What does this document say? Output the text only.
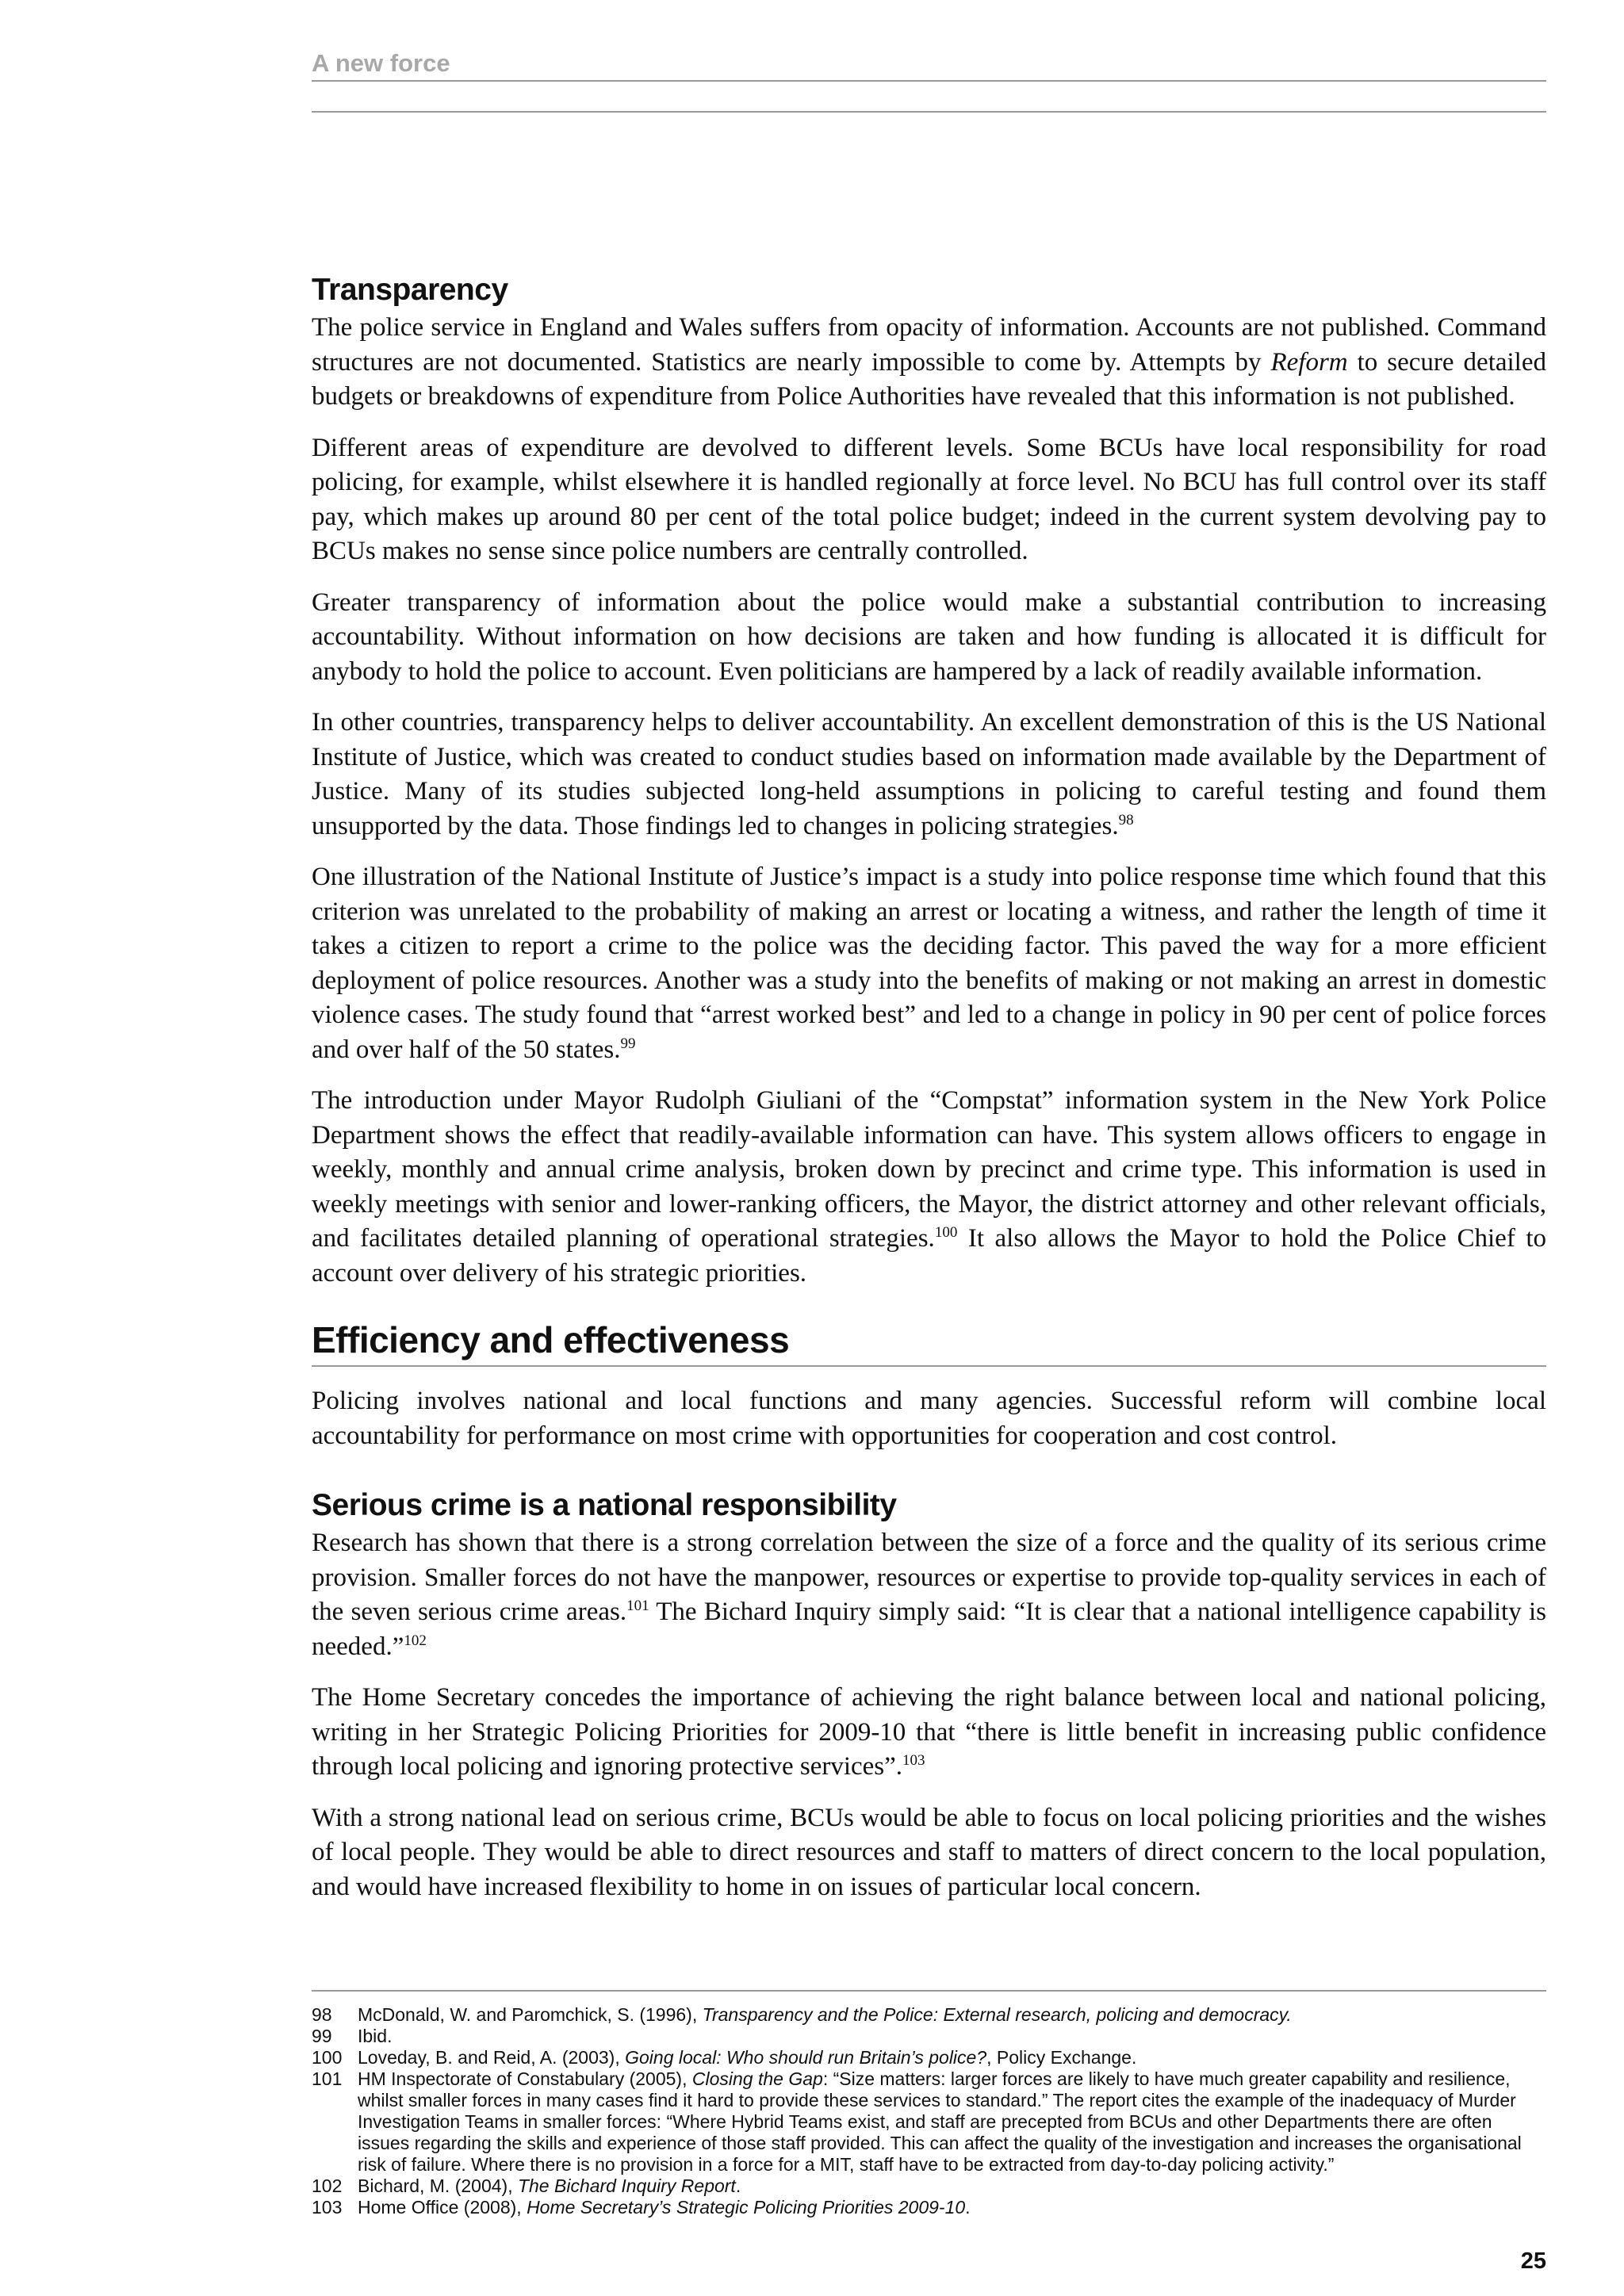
A new force
Transparency

The police service in England and Wales suffers from opacity of information. Accounts are not published. Command structures are not documented. Statistics are nearly impossible to come by. Attempts by Reform to secure detailed budgets or breakdowns of expenditure from Police Authorities have revealed that this information is not published.

Different areas of expenditure are devolved to different levels. Some BCUs have local responsibility for road policing, for example, whilst elsewhere it is handled regionally at force level. No BCU has full control over its staff pay, which makes up around 80 per cent of the total police budget; indeed in the current system devolving pay to BCUs makes no sense since police numbers are centrally controlled.

Greater transparency of information about the police would make a substantial contribution to increasing accountability. Without information on how decisions are taken and how funding is allocated it is difficult for anybody to hold the police to account. Even politicians are hampered by a lack of readily available information.

In other countries, transparency helps to deliver accountability. An excellent demonstration of this is the US National Institute of Justice, which was created to conduct studies based on information made available by the Department of Justice. Many of its studies subjected long-held assumptions in policing to careful testing and found them unsupported by the data. Those findings led to changes in policing strategies.$^{98}$

One illustration of the National Institute of Justice’s impact is a study into police response time which found that this criterion was unrelated to the probability of making an arrest or locating a witness, and rather the length of time it takes a citizen to report a crime to the police was the deciding factor. This paved the way for a more efficient deployment of police resources. Another was a study into the benefits of making or not making an arrest in domestic violence cases. The study found that “arrest worked best” and led to a change in policy in 90 per cent of police forces and over half of the 50 states.$^{99}$

The introduction under Mayor Rudolph Giuliani of the “Compstat” information system in the New York Police Department shows the effect that readily-available information can have. This system allows officers to engage in weekly, monthly and annual crime analysis, broken down by precinct and crime type. This information is used in weekly meetings with senior and lower-ranking officers, the Mayor, the district attorney and other relevant officials, and facilitates detailed planning of operational strategies.$^{100}$ It also allows the Mayor to hold the Police Chief to account over delivery of his strategic priorities.

Efficiency and effectiveness

Policing involves national and local functions and many agencies. Successful reform will combine local accountability for performance on most crime with opportunities for cooperation and cost control.

Serious crime is a national responsibility

Research has shown that there is a strong correlation between the size of a force and the quality of its serious crime provision. Smaller forces do not have the manpower, resources or expertise to provide top-quality services in each of the seven serious crime areas.$^{101}$ The Bichard Inquiry simply said: “It is clear that a national intelligence capability is needed.”$^{102}$

The Home Secretary concedes the importance of achieving the right balance between local and national policing, writing in her Strategic Policing Priorities for 2009-10 that “there is little benefit in increasing public confidence through local policing and ignoring protective services”.$^{103}$

With a strong national lead on serious crime, BCUs would be able to focus on local policing priorities and the wishes of local people. They would be able to direct resources and staff to matters of direct concern to the local population, and would have increased flexibility to home in on issues of particular local concern.

98	McDonald, W. and Paromchick, S. (1996), Transparency and the Police: External research, policing and democracy.
99	Ibid.
100 Loveday, B. and Reid, A. (2003), Going local: Who should run Britain’s police?, Policy Exchange.
101 HM Inspectorate of Constabulary (2005), Closing the Gap: “Size matters: larger forces are likely to have much greater capability and resilience, whilst smaller forces in many cases find it hard to provide these services to standard.” The report cites the example of the inadequacy of Murder Investigation Teams in smaller forces: “Where Hybrid Teams exist, and staff are precepted from BCUs and other Departments there are often issues regarding the skills and experience of those staff provided. This can affect the quality of the investigation and increases the organisational risk of failure. Where there is no provision in a force for a MIT, staff have to be extracted from day-to-day policing activity.”
102 Bichard, M. (2004), The Bichard Inquiry Report.
103 Home Office (2008), Home Secretary’s Strategic Policing Priorities 2009-10.
25
